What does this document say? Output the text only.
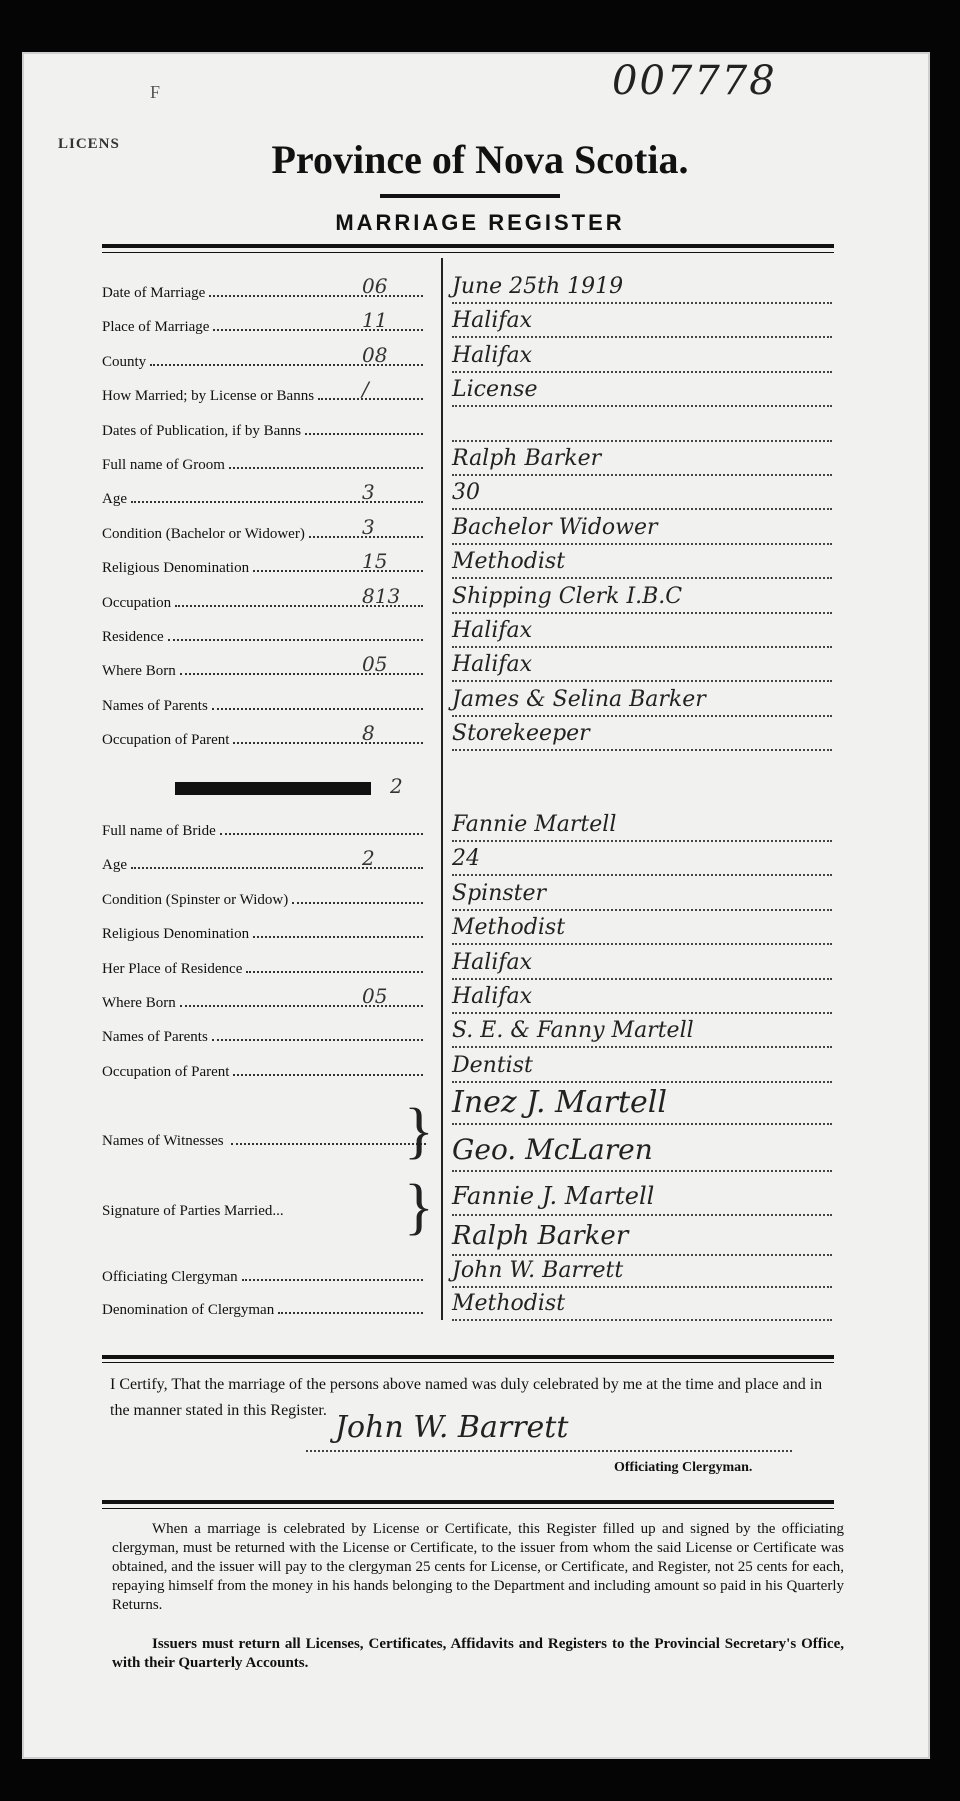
007778
LICENS
F
Province of Nova Scotia.
MARRIAGE REGISTER
Date of Marriage	06	June 25th 1919
Place of Marriage	11	Halifax
County	08	Halifax
How Married; by License or Banns	/	License
Dates of Publication, if by Banns
Full name of Groom	Ralph Barker
Age	3	30
Condition (Bachelor or Widower)	3	Bachelor Widower
Religious Denomination	15	Methodist
Occupation	813 Shipping Clerk I.B.C
Residence	Halifax
Where Born	05	Halifax
Names of Parents	James & Selina Barker
Occupation of Parent	8	Storekeeper
2
Full name of Bride	Fannie Martell
Age	2	24
Condition (Spinster or Widow)	Spinster
Religious Denomination	Methodist
Her Place of Residence	Halifax
Where Born	05	Halifax
Names of Parents	S. E. & Fanny Martell
Occupation of Parent	Dentist
Names of Witnesses	} Inez J. Martell
Geo. McLaren
Signature of Parties Married... } Fannie J. Martell
Ralph Barker
Officiating Clergyman	John W. Barrett
Denomination of Clergyman	Methodist
I Certify, That the marriage of the persons above named was duly celebrated by me at the time and place and in the manner stated in this Register. John W. Barrett
Officiating Clergyman.
When a marriage is celebrated by License or Certificate, this Register filled up and signed by the officiating clergyman, must be returned with the License or Certificate, to the issuer from whom the said License or Certificate was obtained, and the issuer will pay to the clergyman 25 cents for License, or Certificate, and Register, not 25 cents for each, repaying himself from the money in his hands belonging to the Department and including amount so paid in his Quarterly Returns.
Issuers must return all Licenses, Certificates, Affidavits and Registers to the Provincial Secretary's Office, with their Quarterly Accounts.
